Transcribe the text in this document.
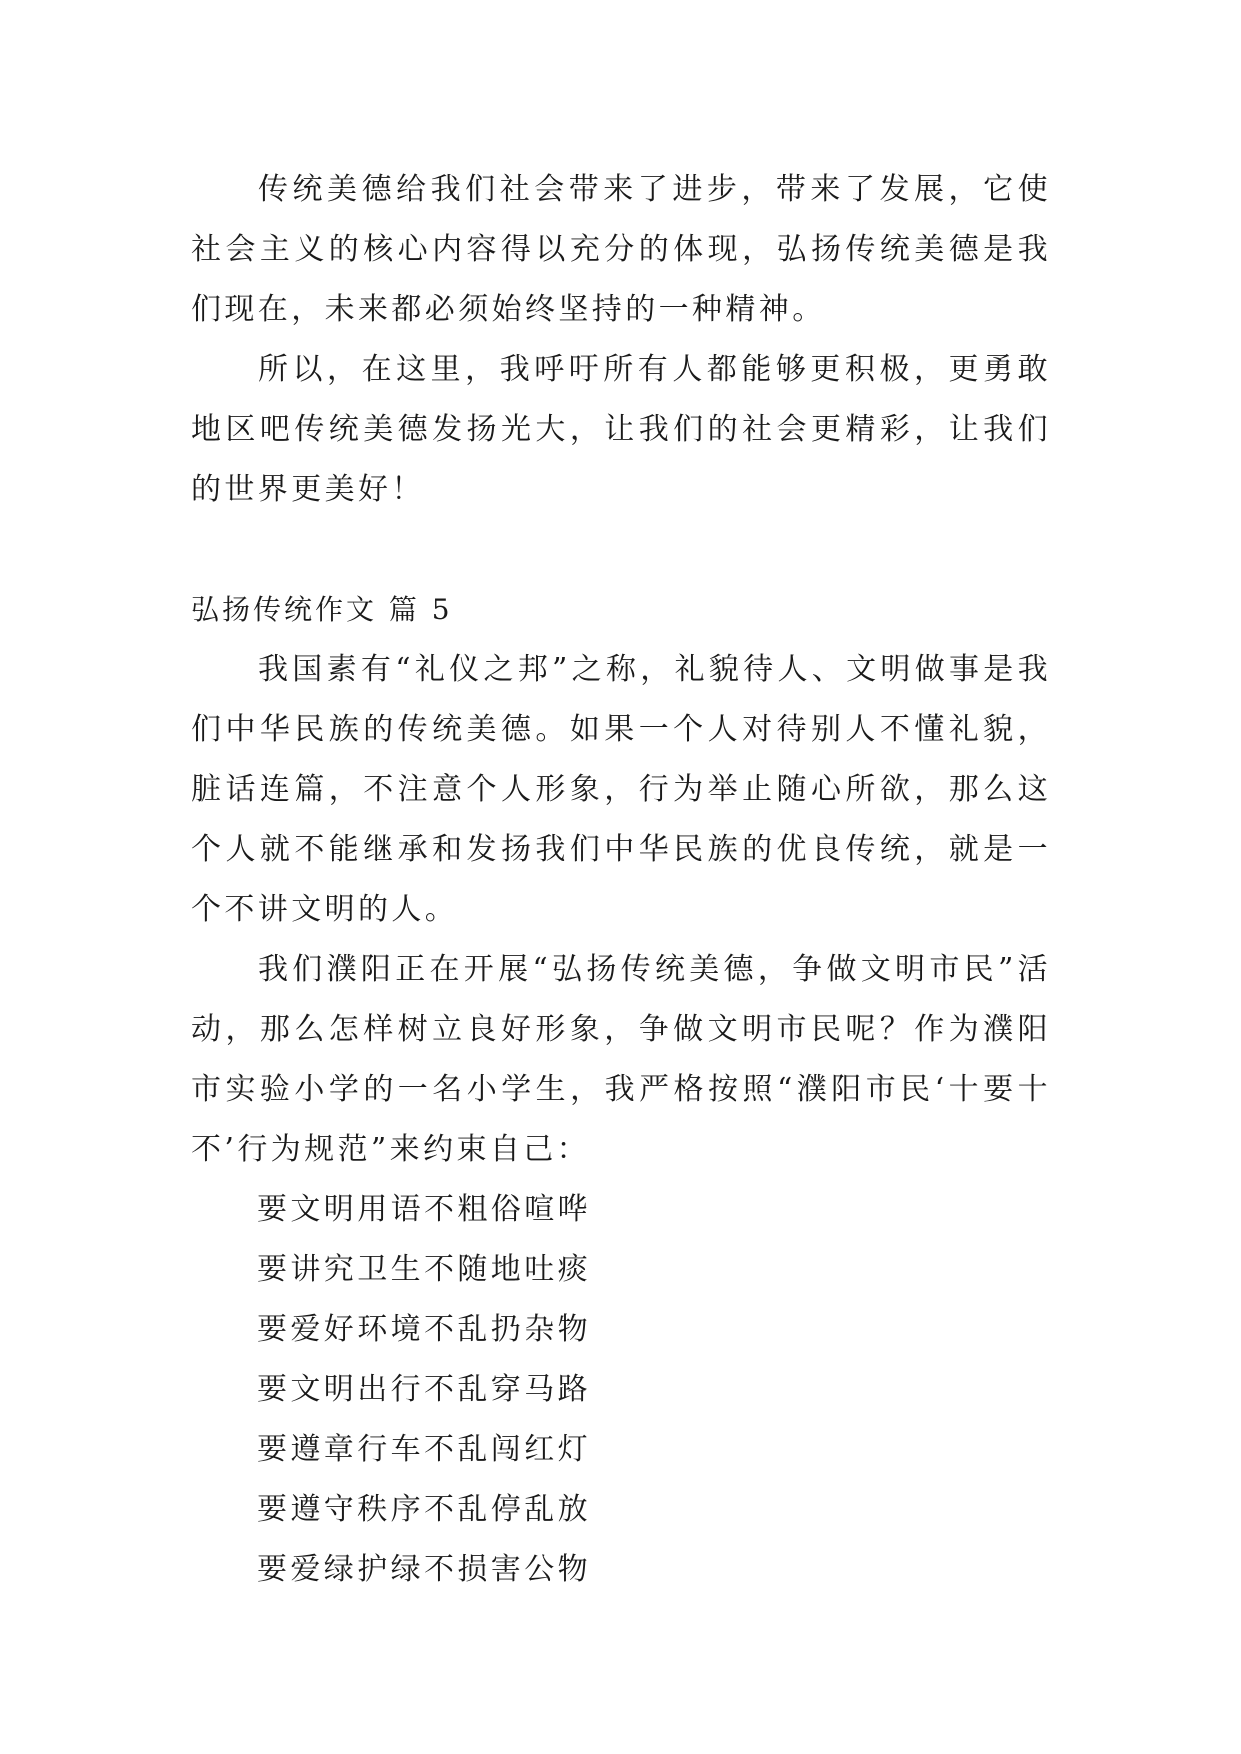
传统美德给我们社会带来了进步，带来了发展，它使社会主义的核心内容得以充分的体现，弘扬传统美德是我们现在，未来都必须始终坚持的一种精神。

所以，在这里，我呼吁所有人都能够更积极，更勇敢地区吧传统美德发扬光大，让我们的社会更精彩，让我们的世界更美好！

弘扬传统作文 篇 5

我国素有“礼仪之邦”之称，礼貌待人、文明做事是我们中华民族的传统美德。如果一个人对待别人不懂礼貌，脏话连篇，不注意个人形象，行为举止随心所欲，那么这个人就不能继承和发扬我们中华民族的优良传统，就是一个不讲文明的人。

我们濮阳正在开展“弘扬传统美德，争做文明市民”活动，那么怎样树立良好形象，争做文明市民呢？作为濮阳市实验小学的一名小学生，我严格按照“濮阳市民‘十要十不’行为规范”来约束自己：

要文明用语不粗俗喧哗

要讲究卫生不随地吐痰

要爱好环境不乱扔杂物

要文明出行不乱穿马路

要遵章行车不乱闯红灯

要遵守秩序不乱停乱放

要爱绿护绿不损害公物
